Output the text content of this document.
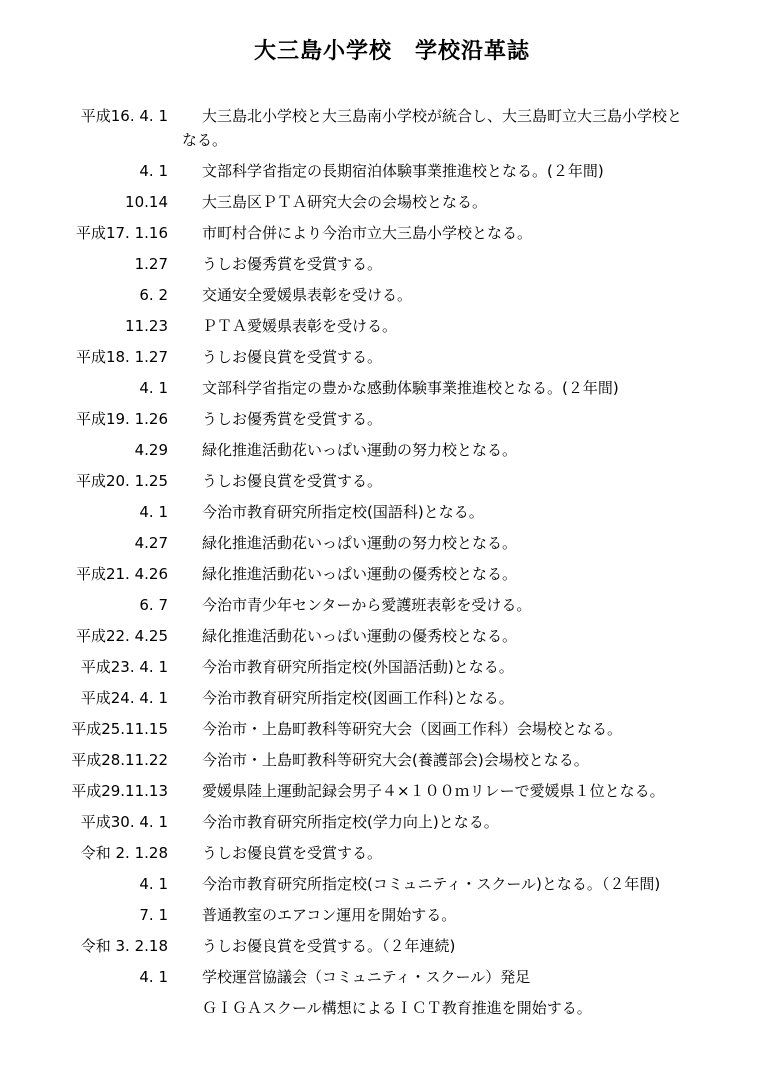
大三島小学校　学校沿革誌
平成16. 4. 1 大三島北小学校と大三島南小学校が統合し、大三島町立大三島小学校と
なる。
4. 1 文部科学省指定の長期宿泊体験事業推進校となる。(２年間)
10.14 大三島区ＰＴＡ研究大会の会場校となる。
平成17. 1.16 市町村合併により今治市立大三島小学校となる。
1.27 うしお優秀賞を受賞する。
6. 2 交通安全愛媛県表彰を受ける。
11.23 ＰＴＡ愛媛県表彰を受ける。
平成18. 1.27 うしお優良賞を受賞する。
4. 1 文部科学省指定の豊かな感動体験事業推進校となる。(２年間)
平成19. 1.26 うしお優秀賞を受賞する。
4.29 緑化推進活動花いっぱい運動の努力校となる。
平成20. 1.25 うしお優良賞を受賞する。
4. 1 今治市教育研究所指定校(国語科)となる。
4.27 緑化推進活動花いっぱい運動の努力校となる。
平成21. 4.26 緑化推進活動花いっぱい運動の優秀校となる。
6. 7 今治市青少年センターから愛護班表彰を受ける。
平成22. 4.25 緑化推進活動花いっぱい運動の優秀校となる。
平成23. 4. 1 今治市教育研究所指定校(外国語活動)となる。
平成24. 4. 1 今治市教育研究所指定校(図画工作科)となる。
平成25.11.15 今治市・上島町教科等研究大会（図画工作科）会場校となる。
平成28.11.22 今治市・上島町教科等研究大会(養護部会)会場校となる。
平成29.11.13 愛媛県陸上運動記録会男子４×１００ｍリレーで愛媛県１位となる。
平成30. 4. 1 今治市教育研究所指定校(学力向上)となる。
令和 2. 1.28 うしお優良賞を受賞する。
4. 1 今治市教育研究所指定校(コミュニティ・スクール)となる。（２年間)
7. 1 普通教室のエアコン運用を開始する。
令和 3. 2.18 うしお優良賞を受賞する。（２年連続)
4. 1 学校運営協議会（コミュニティ・スクール）発足
ＧＩＧＡスクール構想によるＩＣＴ教育推進を開始する。
